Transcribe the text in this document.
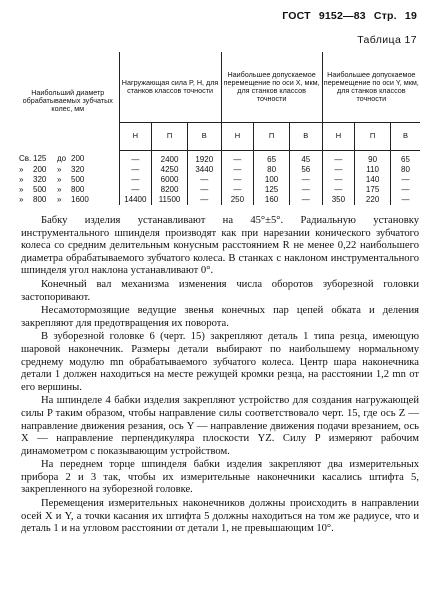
ГОСТ 9152—83 Стр. 19
Таблица 17
Наибольший диаметр обрабатываемых зубчатых колес, мм	Нагружающая сила P, Н, для станков классов точности			Наибольшее допускаемое перемещение по оси X, мкм, для станков классов точности			Наибольшее допускаемое перемещение по оси Y, мкм, для станков классов точности		
	Н	П	В	Н	П	В	Н	П	В
Св. 125 до 200	—	2400	1920	—	65	45	—	90	65
» 200 » 320	—	4250	3440	—	80	56	—	110	80
» 320 » 500	—	6000	—	—	100	—	—	140	—
» 500 » 800	—	8200	—	—	125	—	—	175	—
» 800 » 1600	14400	11500	—	250	160	—	350	220	—

Бабку изделия устанавливают на 45°±5°. Радиальную установку инструментального шпинделя производят как при нарезании конического зубчатого колеса со средним делительным конусным расстоянием R не менее 0,22 наибольшего диаметра обрабатываемого зубчатого колеса. В станках с наклоном инструментального шпинделя угол наклона устанавливают 0°.

Конечный вал механизма изменения числа оборотов зуборезной головки застопоривают.

Несамотормозящие ведущие звенья конечных пар цепей обката и деления закрепляют для предотвращения их поворота.

В зуборезной головке 6 (черт. 15) закрепляют деталь 1 типа резца, имеющую шаровой наконечник. Размеры детали выбирают по наибольшему нормальному среднему модулю mn обрабатываемого зубчатого колеса. Центр шара наконечника детали 1 должен находиться на месте режущей кромки резца, на расстоянии 1,2 mn от его вершины.

На шпинделе 4 бабки изделия закрепляют устройство для создания нагружающей силы P таким образом, чтобы направление силы соответствовало черт. 15, где ось Z — направление движения резания, ось Y — направление движения подачи врезанием, ось X — направление перпендикуляра плоскости YZ. Силу P измеряют рабочим динамометром с показывающим устройством.

На переднем торце шпинделя бабки изделия закрепляют два измерительных прибора 2 и 3 так, чтобы их измерительные наконечники касались штифта 5, закрепленного на зуборезной головке.

Перемещения измерительных наконечников должны происходить в направлении осей X и Y, а точки касания их штифта 5 должны находиться на том же радиусе, что и деталь 1 и на угловом расстоянии от детали 1, не превышающим 10°.
